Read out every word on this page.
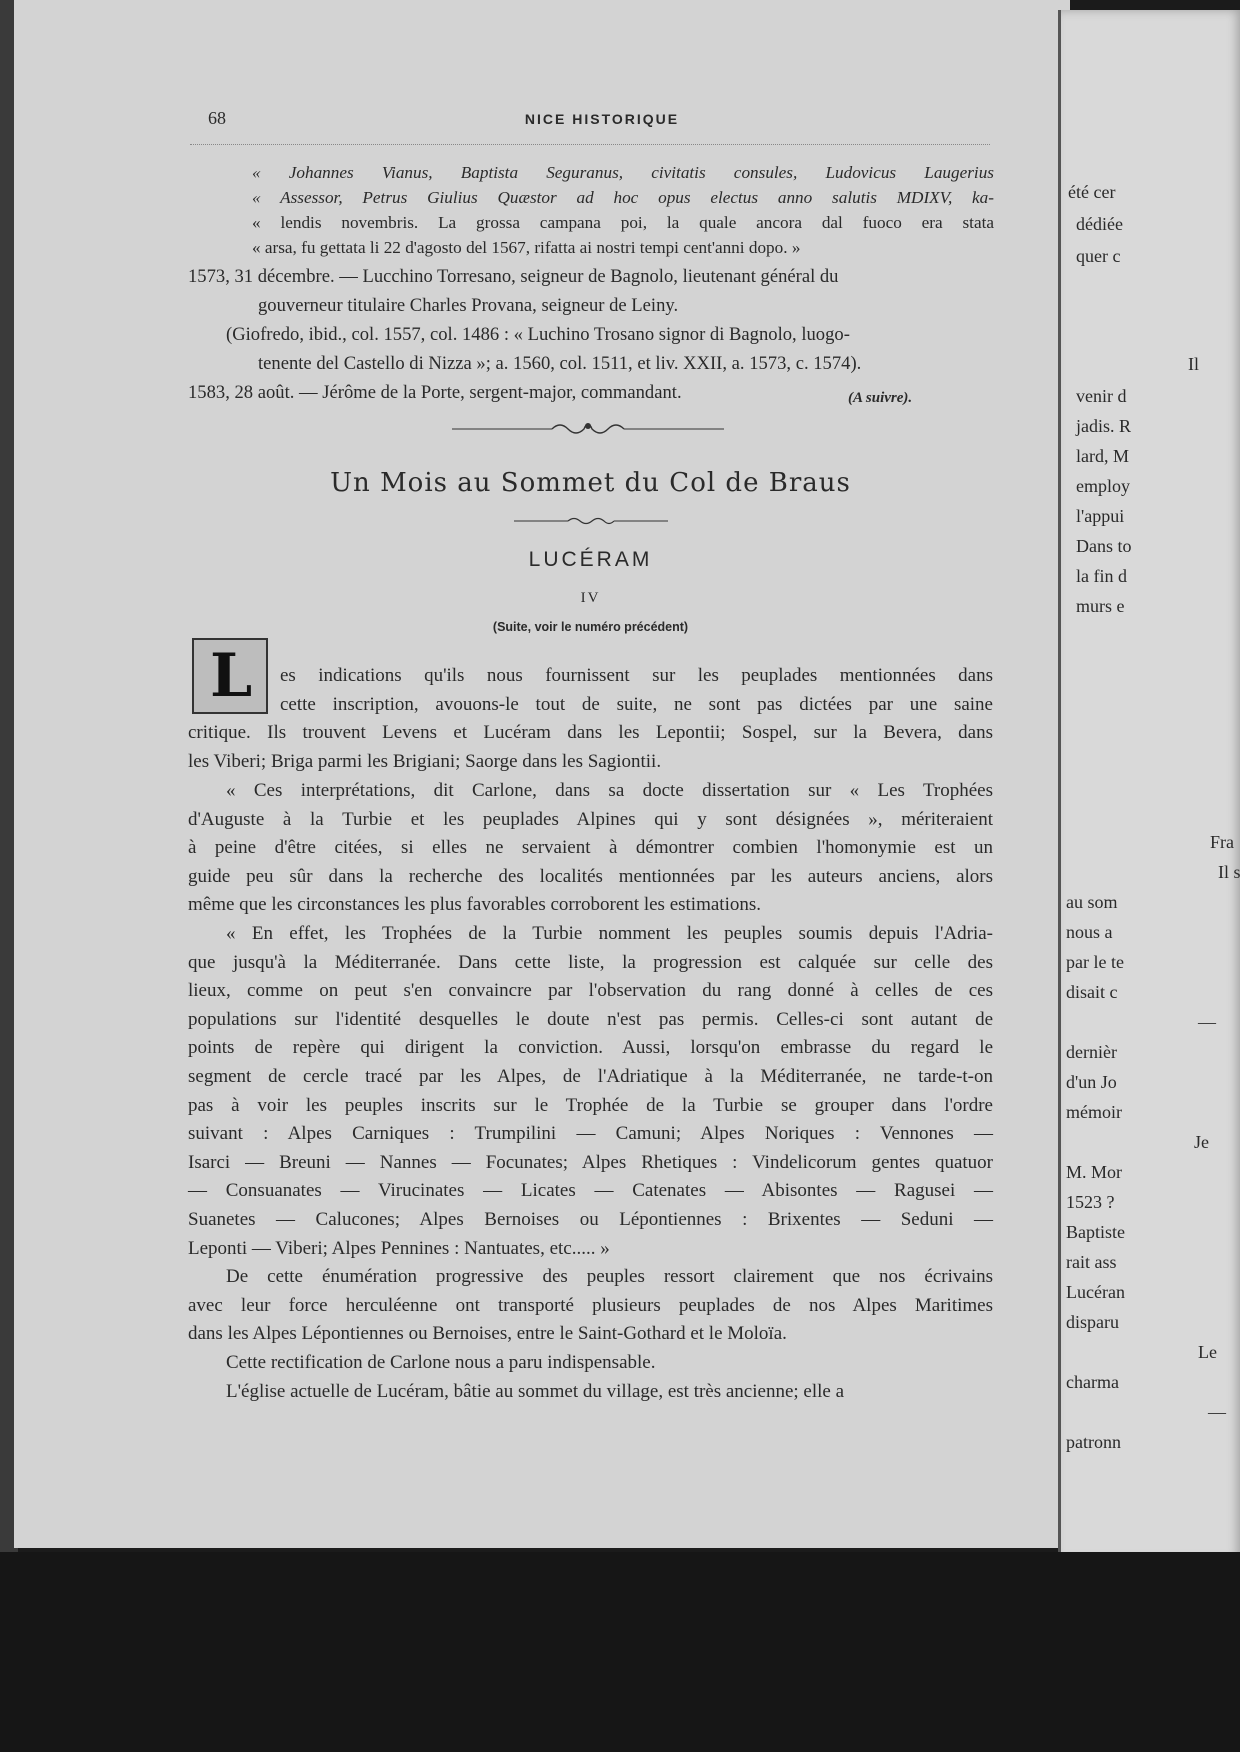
68	NICE HISTORIQUE
« Johannes Vianus, Baptista Seguranus, civitatis consules, Ludovicus Laugerius
« Assessor, Petrus Giulius Quæstor ad hoc opus electus anno salutis MDIXV, ka-
« lendis novembris. La grossa campana poi, la quale ancora dal fuoco era stata
« arsa, fu gettata li 22 d'agosto del 1567, rifatta ai nostri tempi cent'anni dopo. »
1573, 31 décembre. — Lucchino Torresano, seigneur de Bagnolo, lieutenant général du
gouverneur titulaire Charles Provana, seigneur de Leiny.
(Giofredo, ibid., col. 1557, col. 1486 : « Luchino Trosano signor di Bagnolo, luogo-
tenente del Castello di Nizza »; a. 1560, col. 1511, et liv. XXII, a. 1573, c. 1574).
1583, 28 août. — Jérôme de la Porte, sergent-major, commandant.	(A suivre).
Un Mois au Sommet du Col de Braus
LUCÉRAM
IV
(Suite, voir le numéro précédent)
L	es indications qu'ils nous fournissent sur les peuplades mentionnées dans
cette inscription, avouons-le tout de suite, ne sont pas dictées par une saine
critique. Ils trouvent Levens et Lucéram dans les Lepontii; Sospel, sur la Bevera, dans
les Viberi; Briga parmi les Brigiani; Saorge dans les Sagiontii.
« Ces interprétations, dit Carlone, dans sa docte dissertation sur « Les Trophées
d'Auguste à la Turbie et les peuplades Alpines qui y sont désignées », mériteraient
à peine d'être citées, si elles ne servaient à démontrer combien l'homonymie est un
guide peu sûr dans la recherche des localités mentionnées par les auteurs anciens, alors
même que les circonstances les plus favorables corroborent les estimations.
« En effet, les Trophées de la Turbie nomment les peuples soumis depuis l'Adria-
que jusqu'à la Méditerranée. Dans cette liste, la progression est calquée sur celle des
lieux, comme on peut s'en convaincre par l'observation du rang donné à celles de ces
populations sur l'identité desquelles le doute n'est pas permis. Celles-ci sont autant de
points de repère qui dirigent la conviction. Aussi, lorsqu'on embrasse du regard le
segment de cercle tracé par les Alpes, de l'Adriatique à la Méditerranée, ne tarde-t-on
pas à voir les peuples inscrits sur le Trophée de la Turbie se grouper dans l'ordre
suivant : Alpes Carniques : Trumpilini — Camuni; Alpes Noriques : Vennones —
Isarci — Breuni — Nannes — Focunates; Alpes Rhetiques : Vindelicorum gentes quatuor
— Consuanates — Virucinates — Licates — Catenates — Abisontes — Ragusei —
Suanetes — Calucones; Alpes Bernoises ou Lépontiennes : Brixentes — Seduni —
Leponti — Viberi; Alpes Pennines : Nantuates, etc..... »
De cette énumération progressive des peuples ressort clairement que nos écrivains
avec leur force herculéenne ont transporté plusieurs peuplades de nos Alpes Maritimes
dans les Alpes Lépontiennes ou Bernoises, entre le Saint-Gothard et le Moloïa.
Cette rectification de Carlone nous a paru indispensable.
L'église actuelle de Lucéram, bâtie au sommet du village, est très ancienne; elle a
été cer
dédiée
quer c
Il
venir d
jadis. R
lard, M
employ
l'appui
Dans to
la fin d
murs e
Fra
Il s
au som
nous a
par le te
disait c
—
dernièr
d'un Jo
mémoir
Je
M. Mor
1523 ?
Baptiste
rait ass
Lucéran
disparu
Le
charma
—
patronn
